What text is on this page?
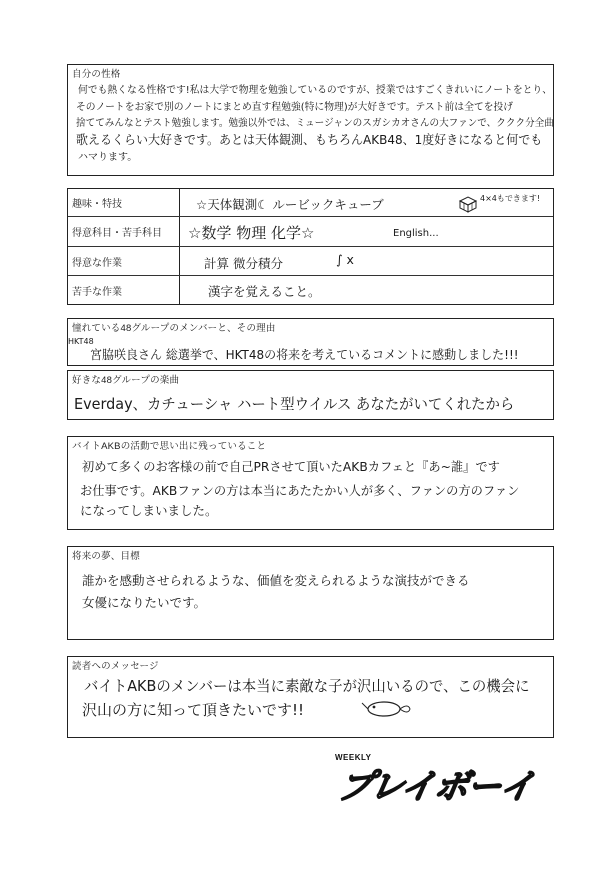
自分の性格
何でも熱くなる性格です!私は大学で物理を勉強しているのですが、授業ではすごくきれいにノートをとり、
そのノートをお家で別のノートにまとめ直す程勉強(特に物理)が大好きです。テスト前は全てを投げ
捨ててみんなとテスト勉強します。勉強以外では、ミュージャンのスガシカオさんの大ファンで、ククク分全曲
歌えるくらい大好きです。あとは天体観測、もちろんAKB48、1度好きになると何でも
ハマります。
趣味・特技	☆天体観測☾ ルービックキューブ	4×4もできます!
得意科目・苦手科目	☆数学 物理 化学☆	English...
得意な作業	計算 微分積分	∫ x
苦手な作業	漢字を覚えること。
憧れている48グループのメンバーと、その理由
HKT48
宮脇咲良さん 総選挙で、HKT48の将来を考えているコメントに感動しました!!!
好きな48グループの楽曲
Everday、カチューシャ ハート型ウイルス あなたがいてくれたから
バイトAKBの活動で思い出に残っていること
初めて多くのお客様の前で自己PRさせて頂いたAKBカフェと『あ~誰』です
お仕事です。AKBファンの方は本当にあたたかい人が多く、ファンの方のファン
になってしまいました。
将来の夢、目標
誰かを感動させられるような、価値を変えられるような演技ができる
女優になりたいです。
読者へのメッセージ
バイトAKBのメンバーは本当に素敵な子が沢山いるので、この機会に
沢山の方に知って頂きたいです!!
WEEKLY
プレイボーイ
